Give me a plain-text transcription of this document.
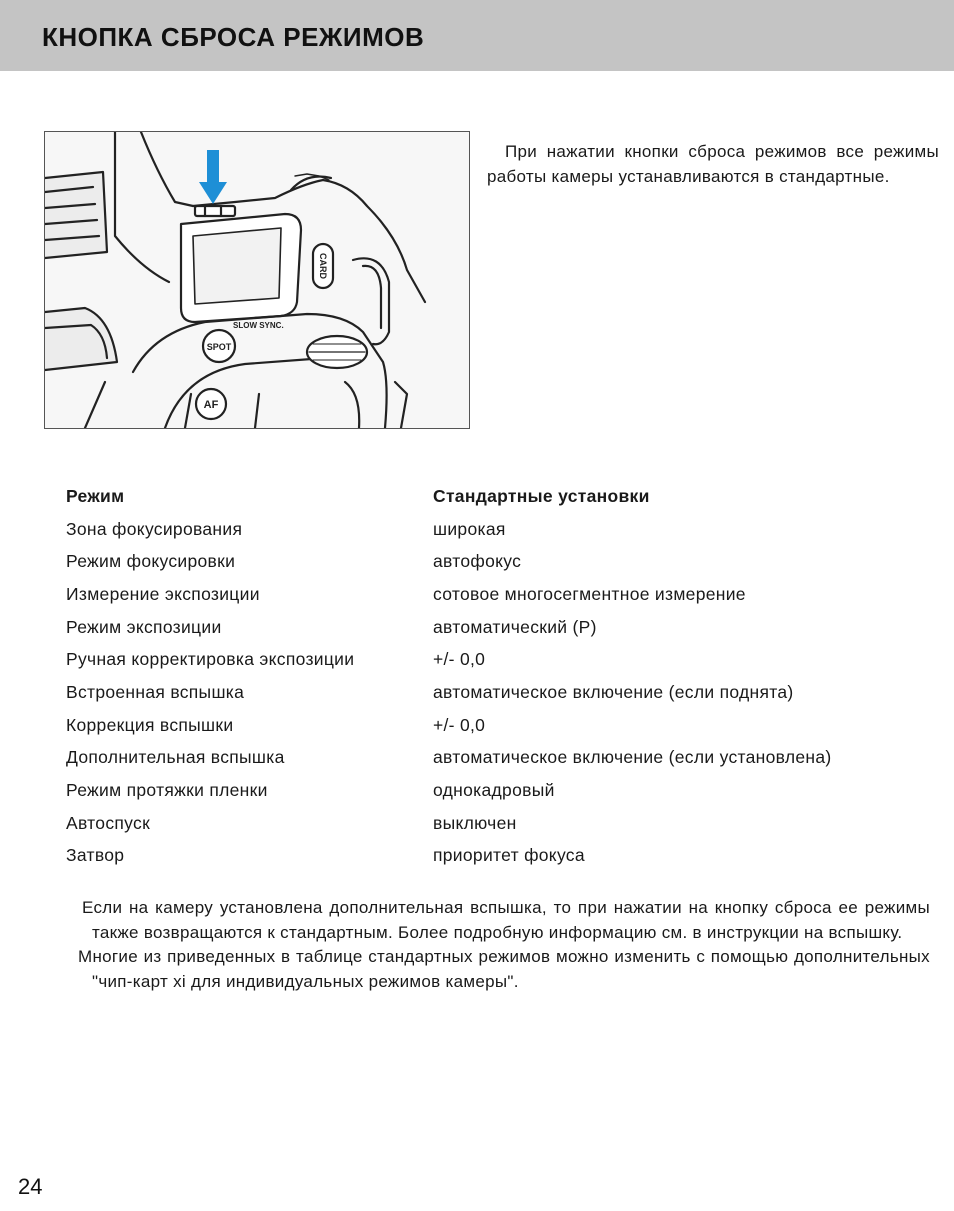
КНОПКА СБРОСА РЕЖИМОВ
CARD
SLOW SYNC.
SPOT
AF

При нажатии кнопки сброса режимов все режимы работы камеры устанавливаются в стандартные.

Режим	Стандартные установки
Зона фокусирования	широкая
Режим фокусировки	автофокус
Измерение экспозиции	сотовое многосегментное измерение
Режим экспозиции	автоматический (Р)
Ручная корректировка экспозиции	+/- 0,0
Встроенная вспышка	автоматическое включение (если поднята)
Коррекция вспышки	+/- 0,0
Дополнительная вспышка	автоматическое включение (если установлена)
Режим протяжки пленки	однокадровый
Автоспуск	выключен
Затвор	приоритет фокуса

Если на камеру установлена дополнительная вспышка, то при нажатии на кнопку сброса ее режимы также возвращаются к стандартным. Более подробную информацию см. в инструкции на вспышку.

Многие из приведенных в таблице стандартных режимов можно изменить с помощью дополнительных "чип-карт xi для индивидуальных режимов камеры".

24
